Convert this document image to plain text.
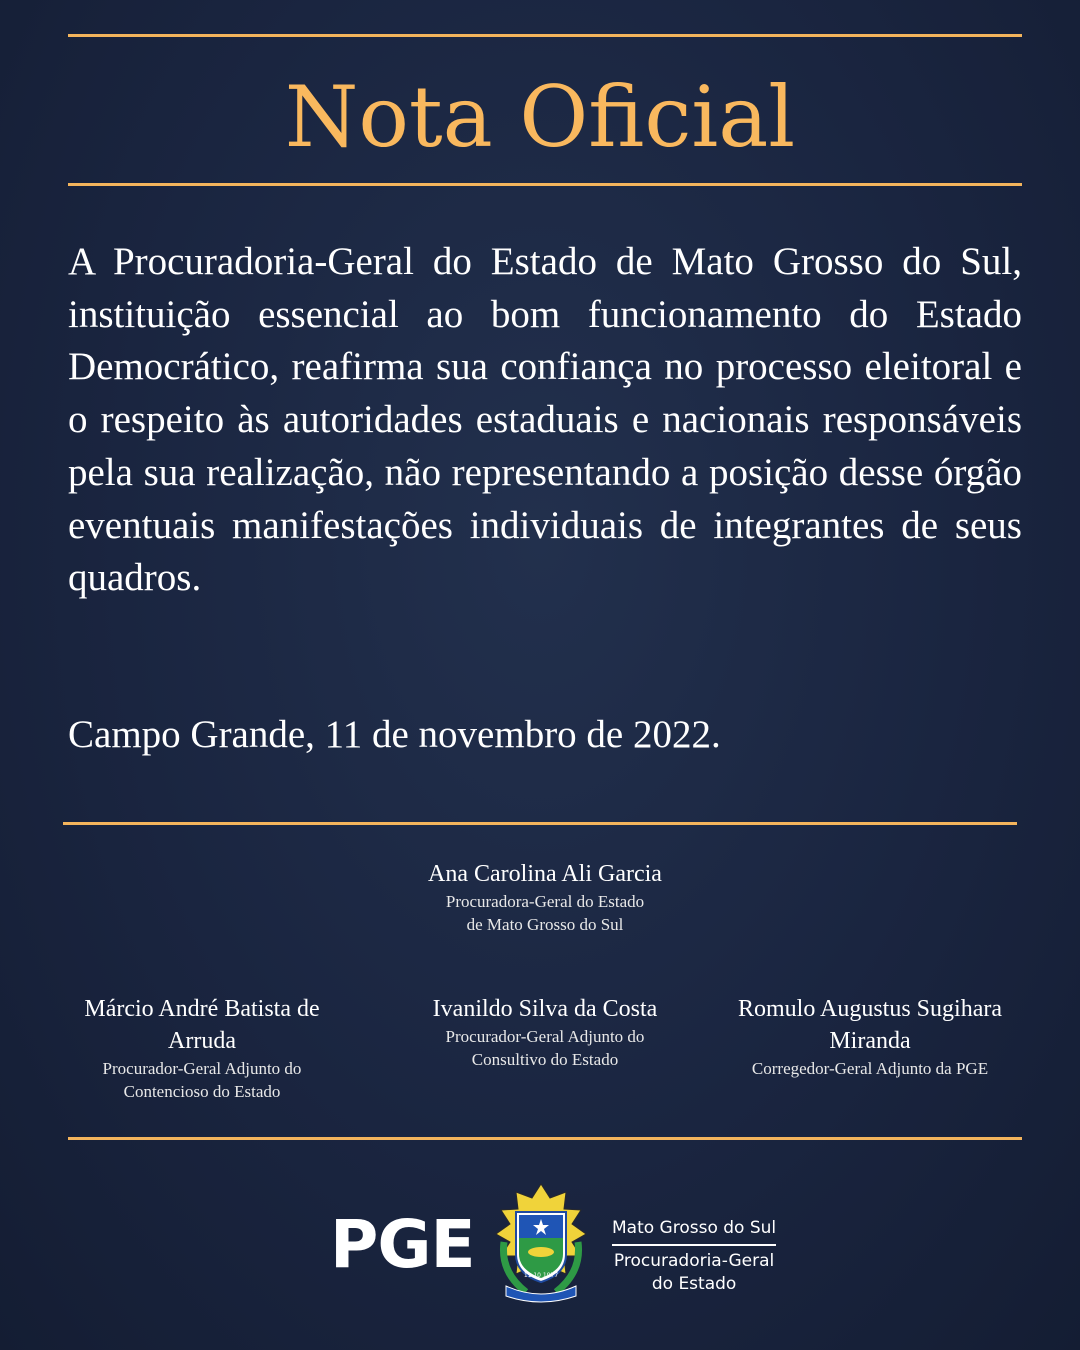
Nota Oficial

A Procuradoria-Geral do Estado de Mato Grosso do Sul, instituição essencial ao bom funcionamento do Estado Democrático, reafirma sua confiança no processo eleitoral e o respeito às autoridades estaduais e nacionais responsáveis pela sua realização, não representando a posição desse órgão eventuais manifestações individuais de integrantes de seus quadros.

Campo Grande, 11 de novembro de 2022.
Ana Carolina Ali Garcia
Procuradora-Geral do Estado
de Mato Grosso do Sul
Márcio André Batista de Arruda
Procurador-Geral Adjunto do
Contencioso do Estado
Ivanildo Silva da Costa
Procurador-Geral Adjunto do
Consultivo do Estado
Romulo Augustus Sugihara Miranda
Corregedor-Geral Adjunto da PGE
PGE	11 10 1977
Mato Grosso do Sul
Procuradoria-Geral
do Estado
